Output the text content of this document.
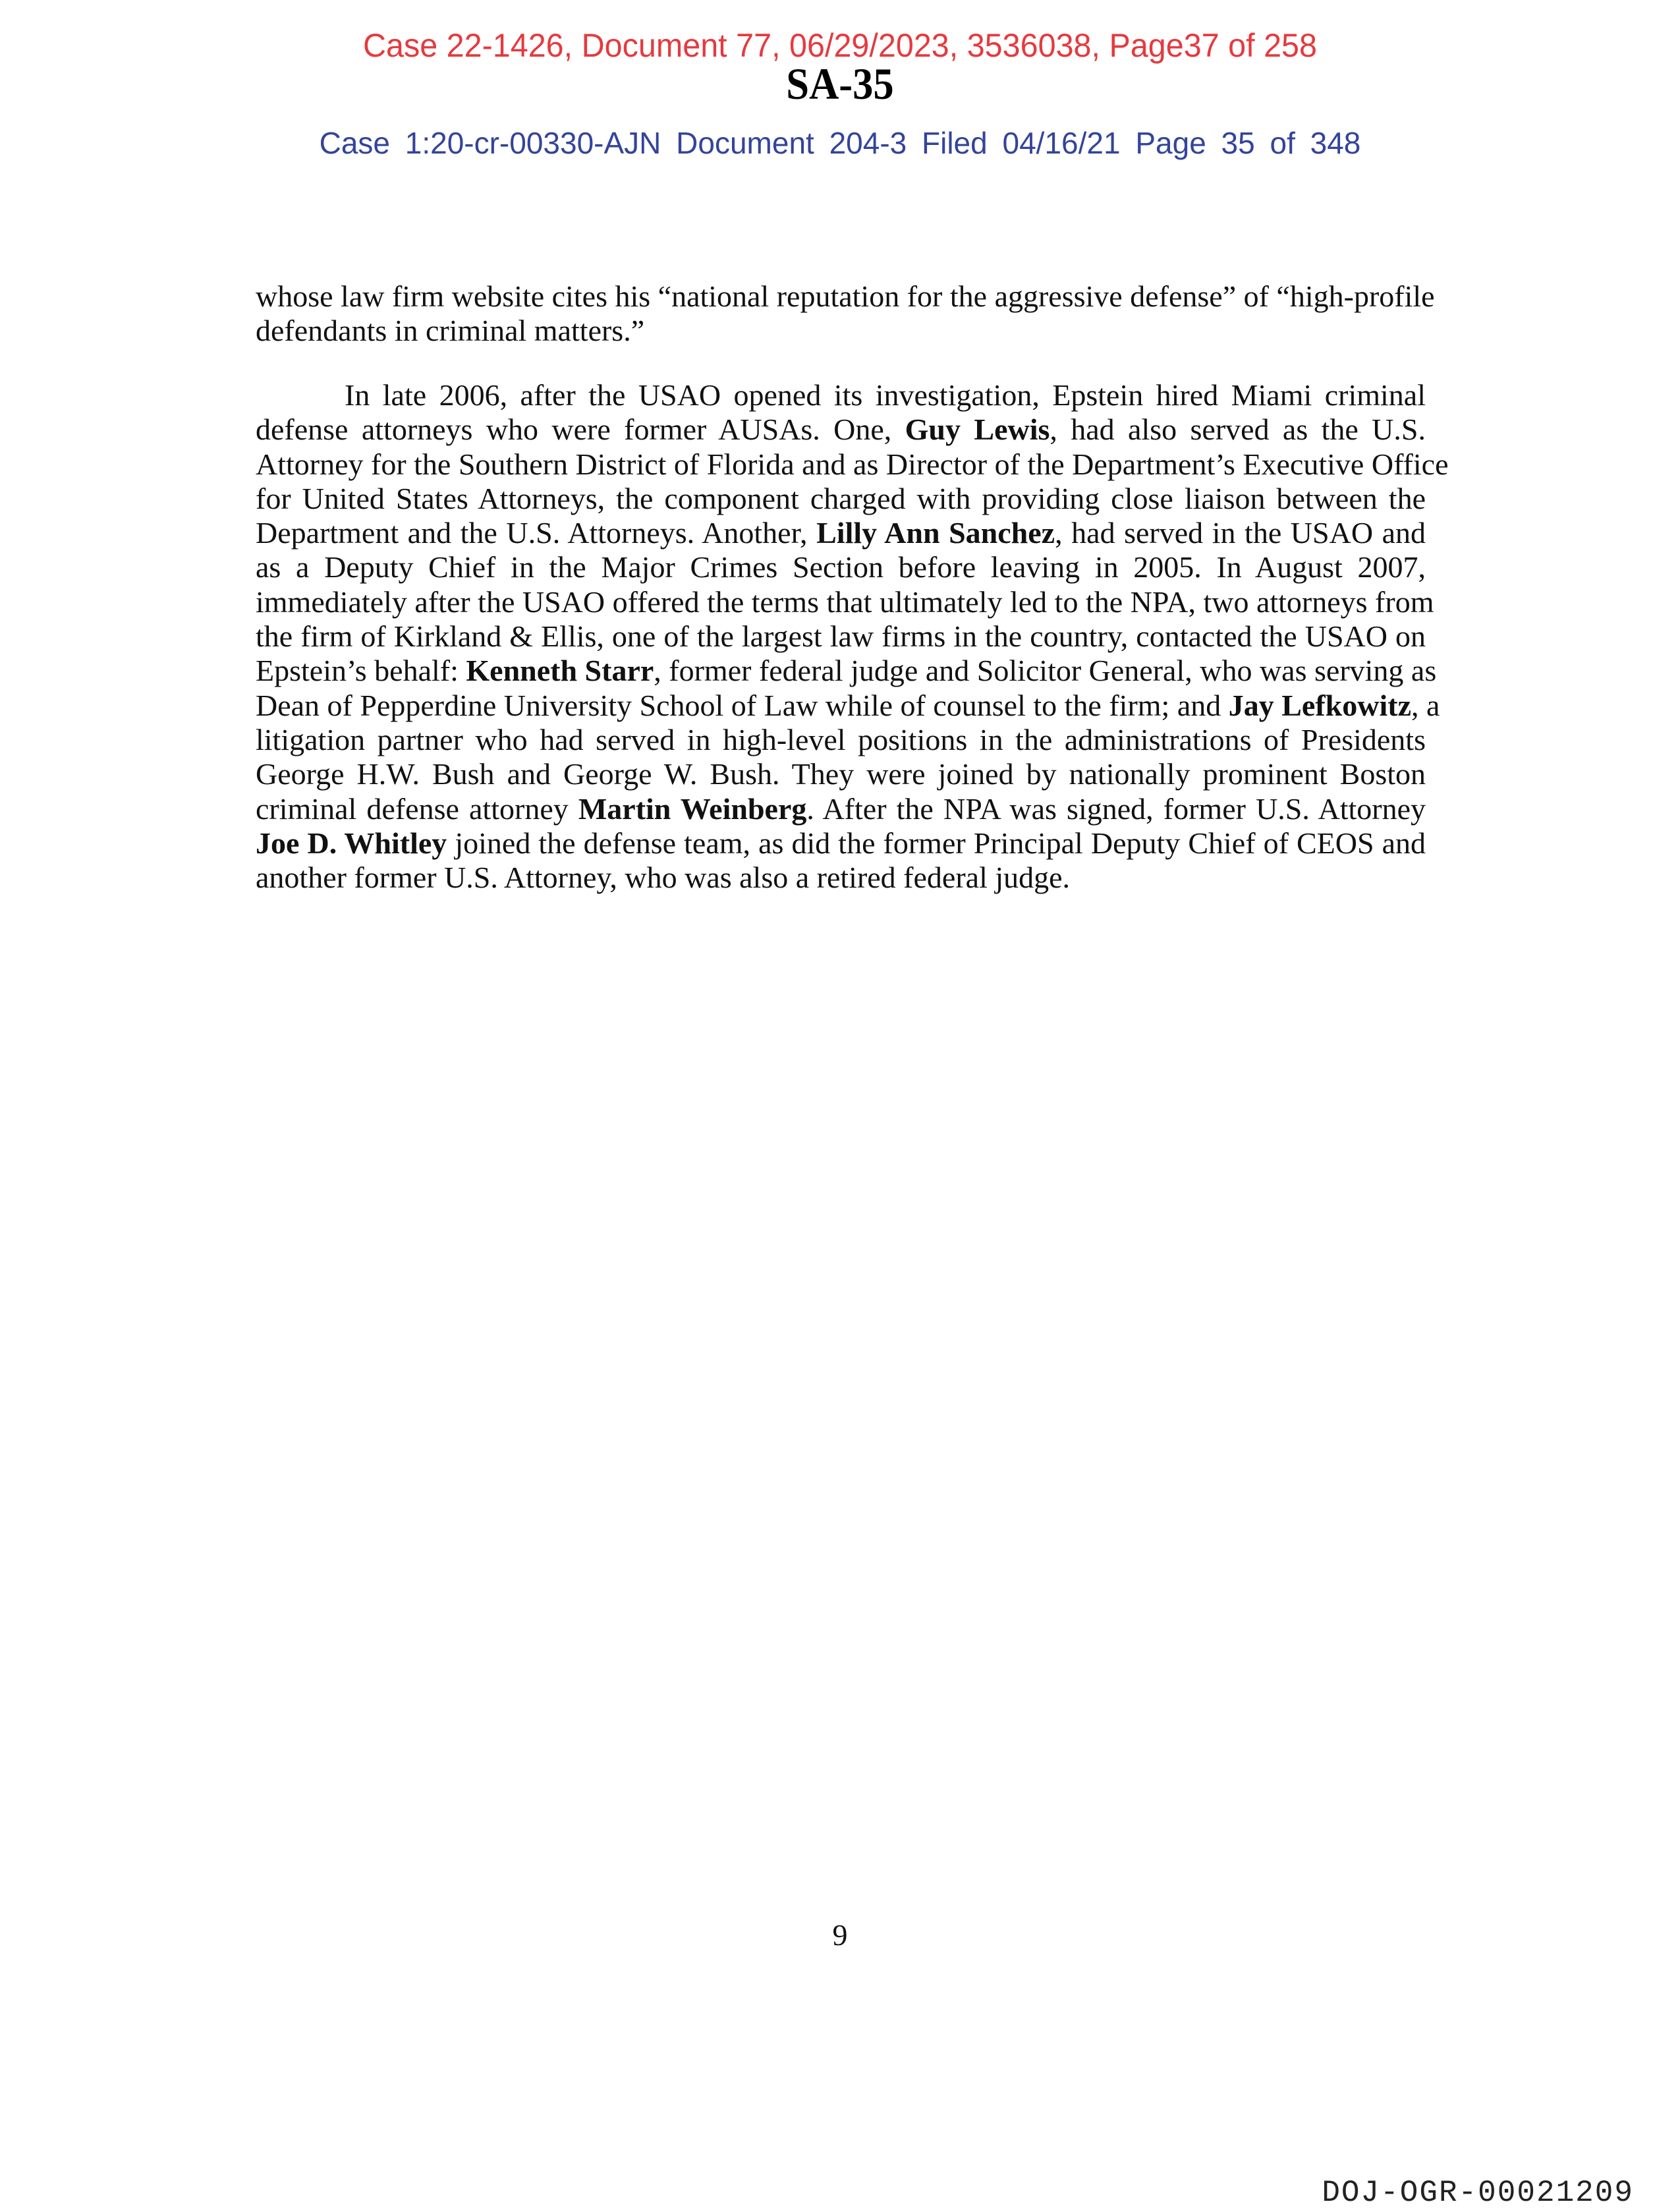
Case 22-1426, Document 77, 06/29/2023, 3536038, Page37 of 258
SA-35
Case 1:20-cr-00330-AJN Document 204-3 Filed 04/16/21 Page 35 of 348
whose law firm website cites his “national reputation for the aggressive defense” of “high-profile
defendants in criminal matters.”
In late 2006, after the USAO opened its investigation, Epstein hired Miami criminal
defense attorneys who were former AUSAs. One, Guy Lewis, had also served as the U.S.
Attorney for the Southern District of Florida and as Director of the Department’s Executive Office
for United States Attorneys, the component charged with providing close liaison between the
Department and the U.S. Attorneys. Another, Lilly Ann Sanchez, had served in the USAO and
as a Deputy Chief in the Major Crimes Section before leaving in 2005. In August 2007,
immediately after the USAO offered the terms that ultimately led to the NPA, two attorneys from
the firm of Kirkland & Ellis, one of the largest law firms in the country, contacted the USAO on
Epstein’s behalf: Kenneth Starr, former federal judge and Solicitor General, who was serving as
Dean of Pepperdine University School of Law while of counsel to the firm; and Jay Lefkowitz, a
litigation partner who had served in high-level positions in the administrations of Presidents
George H.W. Bush and George W. Bush. They were joined by nationally prominent Boston
criminal defense attorney Martin Weinberg. After the NPA was signed, former U.S. Attorney
Joe D. Whitley joined the defense team, as did the former Principal Deputy Chief of CEOS and
another former U.S. Attorney, who was also a retired federal judge.
9
DOJ-OGR-00021209
